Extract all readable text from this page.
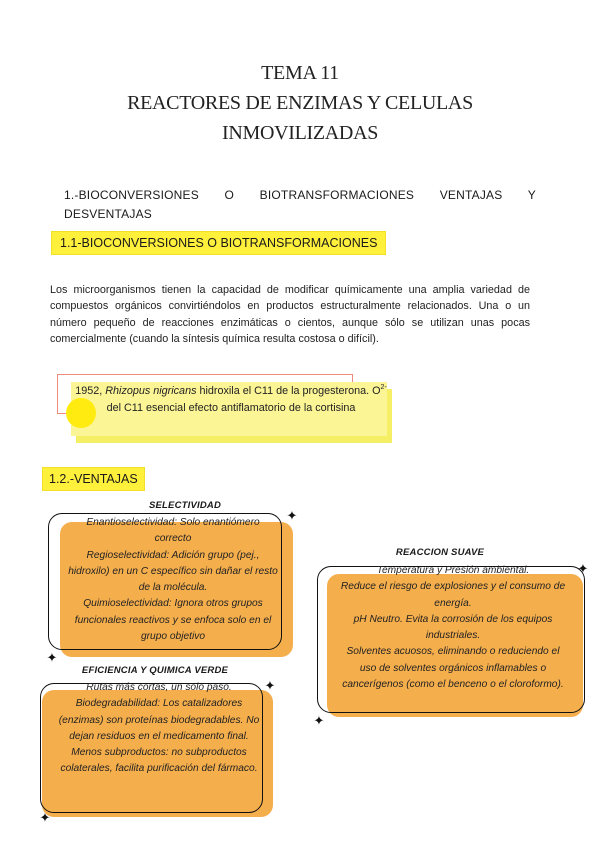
TEMA 11
REACTORES DE ENZIMAS Y CELULAS
INMOVILIZADAS
1.-BIOCONVERSIONES O BIOTRANSFORMACIONES VENTAJAS Y DESVENTAJAS
1.1-BIOCONVERSIONES O BIOTRANSFORMACIONES
Los microorganismos tienen la capacidad de modificar químicamente una amplia variedad de compuestos orgánicos convirtiéndolos en productos estructuralmente relacionados. Una o un número pequeño de reacciones enzimáticas o cientos, aunque sólo se utilizan unas pocas comercialmente (cuando la síntesis química resulta costosa o difícil).
1952, Rhizopus nigricans hidroxila el C11 de la progesterona. $O^{2-}$ del C11 esencial efecto antiflamatorio de la cortisina
1.2.-VENTAJAS
SELECTIVIDAD
Enantioselectividad: Solo enantiómero correcto
Regioselectividad: Adición grupo (pej., hidroxilo) en un C específico sin dañar el resto de la molécula.
Quimioselectividad: Ignora otros grupos funcionales reactivos y se enfoca solo en el grupo objetivo
✦
✦
EFICIENCIA Y QUIMICA VERDE
Rutas más cortas, un solo paso.
Biodegradabilidad: Los catalizadores (enzimas) son proteínas biodegradables. No dejan residuos en el medicamento final.
Menos subproductos: no subproductos colaterales, facilita purificación del fármaco.
✦
✦
REACCION SUAVE
Temperatura y Presión ambiental.
Reduce el riesgo de explosiones y el consumo de energía.
pH Neutro. Evita la corrosión de los equipos industriales.
Solventes acuosos, eliminando o reduciendo el uso de solventes orgánicos inflamables o cancerígenos (como el benceno o el cloroformo).
✦
✦
